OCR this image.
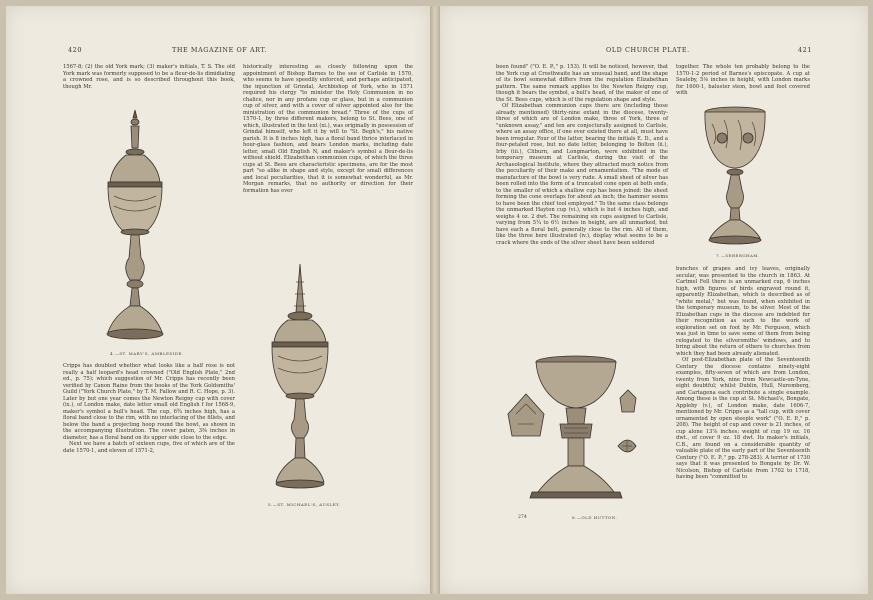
420	THE MAGAZINE OF ART.

1567-8; (2) the old York mark; (3) maker's initials, T. S. The old York mark was formerly supposed to be a fleur-de-lis dimidiating a crowned rose, and is so described throughout this book, though Mr.

4.—ST. MARY'S, AMBLESIDE.

Cripps has doubted whether what looks like a half rose is not really a half leopard's head crowned ("Old English Plate," 2nd ed., p. 75); which suggestion of Mr. Cripps has recently been verified by Canon Raine from the books of the York Goldsmiths' Guild ("York Church Plate," by T. M. Fallow and R. C. Hope, p. 3). Later by but one year comes the Newton Reigny cup with cover (ix.), of London make, date letter small old English f for 1568-9, maker's symbol a bull's head. The cup, 6¾ inches high, has a floral band close to the rim, with no interlacing of the fillets, and below the band a projecting hoop round the bowl, as shown in the accompanying illustration. The cover paten, 3⅜ inches in diameter, has a floral band on its upper side close to the edge.

Next we have a batch of sixteen cups, five of which are of the date 1570-1, and eleven of 1571-2,

historically interesting as closely following upon the appointment of Bishop Barnes to the see of Carlisle in 1570, who seems to have speedily enforced, and perhaps anticipated, the injunction of Grindal, Archbishop of York, who in 1571 required his clergy "to minister the Holy Communion in no chalice, nor in any profane cup or glass, but in a communion cup of silver, and with a cover of silver appointed also for the ministration of the communion bread." Three of the cups of 1570-1, by three different makers, belong to St. Bees, one of which, illustrated in the text (xi.), was originally in possession of Grindal himself, who left it by will to "St. Begh's," his native parish. It is 8 inches high, has a floral band thrice interlaced in hour-glass fashion, and bears London marks, including date letter, small Old English N, and maker's symbol a fleur-de-lis without shield. Elizabethan communion cups, of which the three cups at St. Bees are characteristic specimens, are for the most part "so alike in shape and style, except for small differences and local peculiarities, that it is somewhat wonderful, as Mr. Morgan remarks, that no authority or direction for their formation has ever

5.—ST. MICHAEL'S, AUSLEY.
OLD CHURCH PLATE.	421

been found" ("O. E. P.," p. 153). It will be noticed, however, that the York cup at Crosthwaite has an unusual band, and the shape of its bowl somewhat differs from the regulation Elizabethan pattern. The same remark applies to the Newton Reigny cup, though it bears the symbol, a bull's head, of the maker of one of the St. Bees cups, which is of the regulation shape and style.

Of Elizabethan communion cups there are (including those already mentioned) thirty-nine extant in the diocese, twenty-three of which are of London make, three of York, three of "unknown assay," and ten are conjecturally assigned to Carlisle, where an assay office, if one ever existed there at all, must have been irregular. Four of the latter, bearing the initials E. D., and a four-petaled rose, but no date letter, belonging to Bolton (ii.), Irby (iii.), Cliburn, and Longmarton, were exhibited in the temporary museum at Carlisle, during the visit of the Archaeological Institute, where they attracted much notice from the peculiarity of their make and ornamentation. "The mode of manufacture of the bowl is very rude. A small sheet of silver has been rolled into the form of a truncated cone open at both ends, to the smaller of which a shallow cup has been joined: the sheet forming the cone overlaps for about an inch; the hammer seems to have been the chief tool employed." To the same class belongs the unmarked Hayton cup (vi.), which is but 4 inches high, and weighs 4 oz. 2 dwt. The remaining six cups assigned to Carlisle, varying from 5¼ to 6½ inches in height, are all unmarked, but have each a floral belt, generally close to the rim. All of them, like the three here illustrated (iv.), display what seems to be a crack where the ends of the silver sheet have been soldered

together. The whole ten probably belong to the 1570-1-2 period of Barnes's episcopate. A cup at Sealeby, 5⅛ inches in height, with London marks for 1600-1, baluster stem, bowl and foot covered with

7.—SEBERGHAM.

bunches of grapes and ivy leaves, originally secular, was presented to the church in 1863. At Cartmel Fell there is an unmarked cup, 6 inches high, with figures of birds engraved round it, apparently Elizabethan, which is described as of "white metal," but was found, when exhibited in the temporary museum, to be silver. Most of the Elizabethan cups in the diocese are indebted for their recognition as such to the work of exploration set on foot by Mr. Ferguson, which was just in time to save some of them from being relegated to the silversmiths' windows, and to bring about the return of others to churches from which they had been already alienated.

Of post-Elizabethan plate of the Seventeenth Century the diocese contains ninety-eight examples, fifty-seven of which are from London, twenty from York, nine from Newcastle-on-Tyne, eight doubtful; whilst Dublin, Hull, Nuremberg, and Cartagena each contribute a single example. Among these is the cup at St. Michael's, Bongate, Appleby (v.), of London make, date 1606-7, mentioned by Mr. Cripps as a "tall cup, with cover ornamented by open steeple work" ("O. E. P.," p. 208). The height of cup and cover is 21 inches, of cup alone 13⅞ inches; weight of cup 19 oz. 16 dwt., of cover 9 oz. 18 dwt. Its maker's initials, C.B., are found on a considerable quantity of valuable plate of the early part of the Seventeenth Century ("O. E. P.," pp. 278-283). A terrier of 1730 says that it was presented to Bongate by Dr. W. Nicolson, Bishop of Carlisle from 1702 to 1718, having been "committed to

6.—OLD HUTTON.
274
